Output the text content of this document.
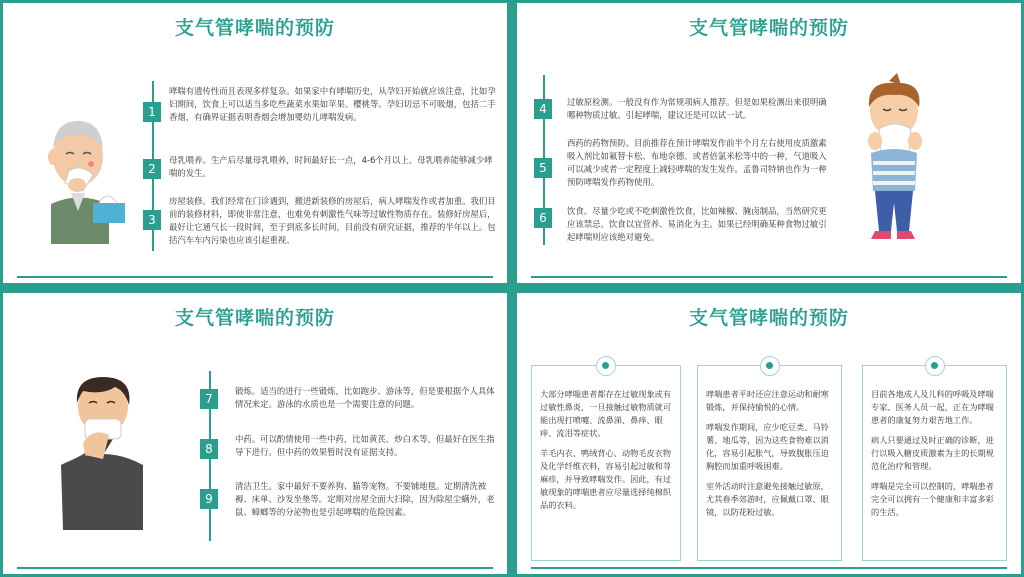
支气管哮喘的预防
1
2
3
哮喘有遗传性而且表现多样复杂。如果家中有哮喘历史，从孕妇开始就应该注意，比如孕妇期间，饮食上可以适当多吃些蔬菜水果如苹果、樱桃等。孕妇切忌不可吸烟，包括二手香烟，有确界证据表明香烟会增加婴幼儿哮喘发病。
母乳喂养。生产后尽量母乳喂养，时间最好长一点，4-6个月以上。母乳喂养能够减少哮喘的发生。
房屋装修。我们经常在门诊遇到，搬进新装修的房屋后，病人哮喘发作或者加重。我们目前的装修材料，即使非常注意，也难免有刺激性气味等过敏性物质存在。装修好房屋后，最好让它通气长一段时间，至于到底多长时间，目前没有研究证据，推荐的半年以上。包括汽车车内污染也应该引起重视。
支气管哮喘的预防
4
5
6
过敏原检测。一般没有作为常规项病人推荐。但是如果检测出来很明确哪种物质过敏、引起哮喘，建议还是可以试一试。
西药的药物预防。目前推荐在预计哮喘发作前半个月左右使用皮质激素吸入剂比如氟替卡松、布地奈德、或者倍氯米松等中的一种，气道吸入可以减少或者一定程度上减轻哮喘的发生发作。孟鲁司特钠也作为一种预防哮喘发作药物使用。
饮食。尽量少吃或不吃刺激性饮食，比如辣椒、腌卤制品，当然研究更应该禁忌。饮食以宜营养、易消化为主。如果已经明确某种食物过敏引起哮喘则应该绝对避免。
支气管哮喘的预防
7
8
9
锻炼。适当的进行一些锻炼，比如跑步、游泳等，但是要根据个人具体情况来定。游泳的水质也是一个需要注意的问题。
中药。可以酌情使用一些中药，比如黄芪、炒白术等，但最好在医生指导下进行。但中药的效果暂时没有证据支持。
清洁卫生。家中最好不要养狗、猫等宠物。不要铺地毯。定期清洗被褥、床单、沙发坐垫等。定期对房屋全面大扫除，因为除屋尘螨外，老鼠、蟑螂等的分泌物也是引起哮喘的危险因素。
支气管哮喘的预防

大部分哮喘患者都存在过敏现象或有过敏性鼻炎，一旦接触过敏物质就可能出现打喷嚏、流鼻涕、鼻痒、眼痒、流泪等症状。

羊毛内衣、鸭绒背心、动物毛皮衣物及化学纤维衣料，容易引起过敏和荨麻疹，并导致哮喘发作。因此，有过敏现象的哮喘患者应尽量选择纯棉织品的衣料。

哮喘患者平时还应注意运动和耐寒锻炼，并保持愉悦的心情。

哮喘发作期间，应少吃豆类、马铃薯、地瓜等，因为这些食物难以消化，容易引起胀气，导致腹胀压迫胸腔而加重呼吸困难。

室外活动时注意避免接触过敏原，尤其春季郊游时，应佩戴口罩、眼镜，以防花粉过敏。

目前各地成人及儿科的呼吸及哮喘专家、医务人员一起，正在为哮喘患者的康复努力艰苦地工作。

病人只要通过及时正确的诊断，进行以吸入糖皮质激素为主的长期规范化治疗和管理。

哮喘是完全可以控制的，哮喘患者完全可以拥有一个健康和丰富多彩的生活。
